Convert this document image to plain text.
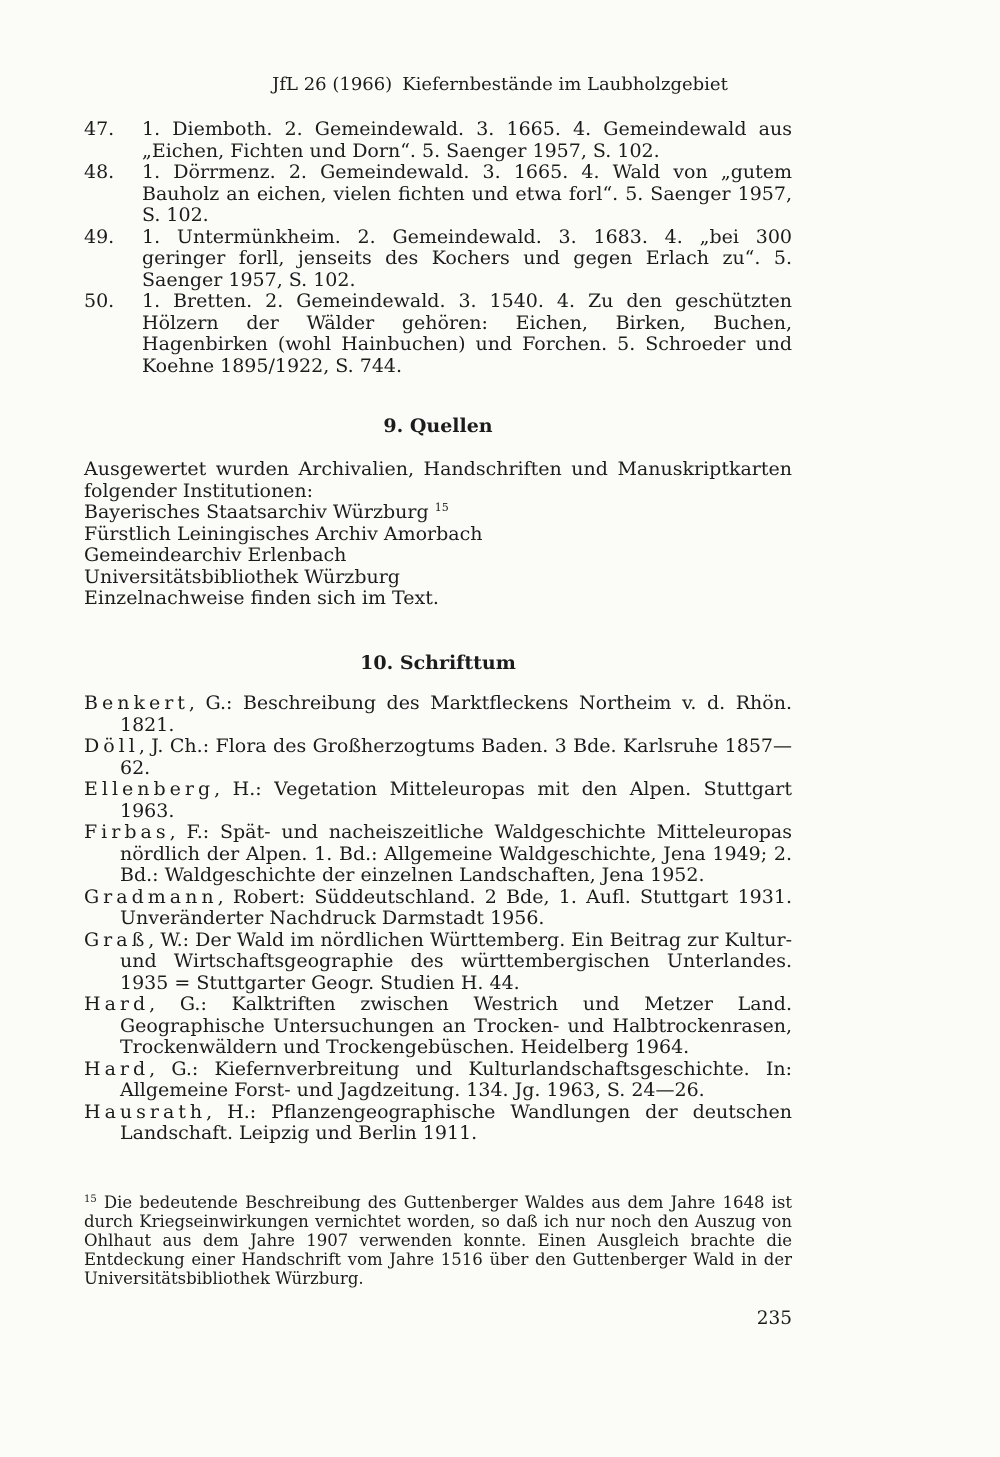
JfL 26 (1966) Kiefernbestände im Laubholzgebiet
47.	1. Diemboth. 2. Gemeindewald. 3. 1665. 4. Gemeindewald aus „Eichen, Fichten und Dorn“. 5. Saenger 1957, S. 102.
48.	1. Dörrmenz. 2. Gemeindewald. 3. 1665. 4. Wald von „gutem Bauholz an eichen, vielen fichten und etwa forl“. 5. Saenger 1957, S. 102.
49.	1. Untermünkheim. 2. Gemeindewald. 3. 1683. 4. „bei 300 geringer forll, jenseits des Kochers und gegen Erlach zu“. 5. Saenger 1957, S. 102.
50.	1. Bretten. 2. Gemeindewald. 3. 1540. 4. Zu den geschützten Hölzern der Wälder gehören: Eichen, Birken, Buchen, Hagenbirken (wohl Hainbuchen) und Forchen. 5. Schroeder und Koehne 1895/1922, S. 744.
9. Quellen
Ausgewertet wurden Archivalien, Handschriften und Manuskriptkarten folgender Institutionen:
Bayerisches Staatsarchiv Würzburg $^{15}$
Fürstlich Leiningisches Archiv Amorbach
Gemeindearchiv Erlenbach
Universitätsbibliothek Würzburg
Einzelnachweise finden sich im Text.
10. Schrifttum
Benkert, G.: Beschreibung des Marktfleckens Northeim v. d. Rhön. 1821.
Döll, J. Ch.: Flora des Großherzogtums Baden. 3 Bde. Karlsruhe 1857—62.
Ellenberg, H.: Vegetation Mitteleuropas mit den Alpen. Stuttgart 1963.
Firbas, F.: Spät- und nacheiszeitliche Waldgeschichte Mitteleuropas nördlich der Alpen. 1. Bd.: Allgemeine Waldgeschichte, Jena 1949; 2. Bd.: Waldgeschichte der einzelnen Landschaften, Jena 1952.
Gradmann, Robert: Süddeutschland. 2 Bde, 1. Aufl. Stuttgart 1931. Unveränderter Nachdruck Darmstadt 1956.
Graß, W.: Der Wald im nördlichen Württemberg. Ein Beitrag zur Kultur- und Wirtschaftsgeographie des württembergischen Unterlandes. 1935 = Stuttgarter Geogr. Studien H. 44.
Hard, G.: Kalktriften zwischen Westrich und Metzer Land. Geographische Untersuchungen an Trocken- und Halbtrockenrasen, Trockenwäldern und Trockengebüschen. Heidelberg 1964.
Hard, G.: Kiefernverbreitung und Kulturlandschaftsgeschichte. In: Allgemeine Forst- und Jagdzeitung. 134. Jg. 1963, S. 24—26.
Hausrath, H.: Pflanzengeographische Wandlungen der deutschen Landschaft. Leipzig und Berlin 1911.
$^{15}$ Die bedeutende Beschreibung des Guttenberger Waldes aus dem Jahre 1648 ist durch Kriegseinwirkungen vernichtet worden, so daß ich nur noch den Auszug von Ohlhaut aus dem Jahre 1907 verwenden konnte. Einen Ausgleich brachte die Entdeckung einer Handschrift vom Jahre 1516 über den Guttenberger Wald in der Universitätsbibliothek Würzburg.
235
